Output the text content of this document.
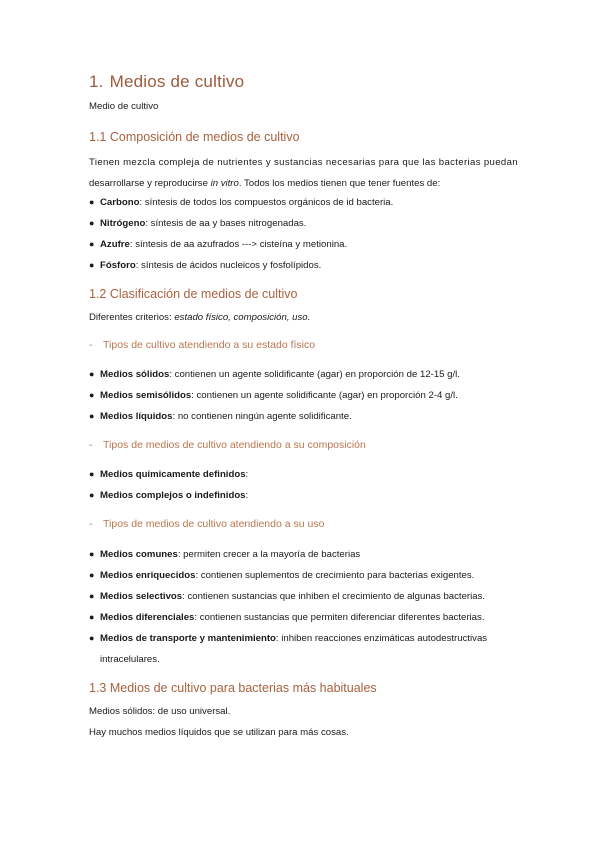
1. Medios de cultivo
Medio de cultivo
1.1 Composición de medios de cultivo
Tienen mezcla compleja de nutrientes y sustancias necesarias para que las bacterias puedan
desarrollarse y reproducirse in vitro. Todos los medios tienen que tener fuentes de:
● Carbono: síntesis de todos los compuestos orgánicos de id bacteria.
● Nitrógeno: síntesis de aa y bases nitrogenadas.
● Azufre: síntesis de aa azufrados ---> cisteína y metionina.
● Fósforo: síntesis de ácidos nucleicos y fosfolípidos.
1.2 Clasificación de medios de cultivo
Diferentes criterios: estado físico, composición, uso.
- Tipos de cultivo atendiendo a su estado físico
● Medios sólidos: contienen un agente solidificante (agar) en proporción de 12-15 g/l.
● Medios semisólidos: contienen un agente solidificante (agar) en proporción 2-4 g/l.
● Medios líquidos: no contienen ningún agente solidificante.
- Tipos de medios de cultivo atendiendo a su composición
● Medios químicamente definidos:
● Medios complejos o indefinidos:
- Tipos de medios de cultivo atendiendo a su uso
● Medios comunes: permiten crecer a la mayoría de bacterias
● Medios enriquecidos: contienen suplementos de crecimiento para bacterias exigentes.
● Medios selectivos: contienen sustancias que inhiben el crecimiento de algunas bacterias.
● Medios diferenciales: contienen sustancias que permiten diferenciar diferentes bacterias.
● Medios de transporte y mantenimiento: inhiben reacciones enzimáticas autodestructivas
intracelulares.
1.3 Medios de cultivo para bacterias más habituales
Medios sólidos: de uso universal.
Hay muchos medios líquidos que se utilizan para más cosas.
